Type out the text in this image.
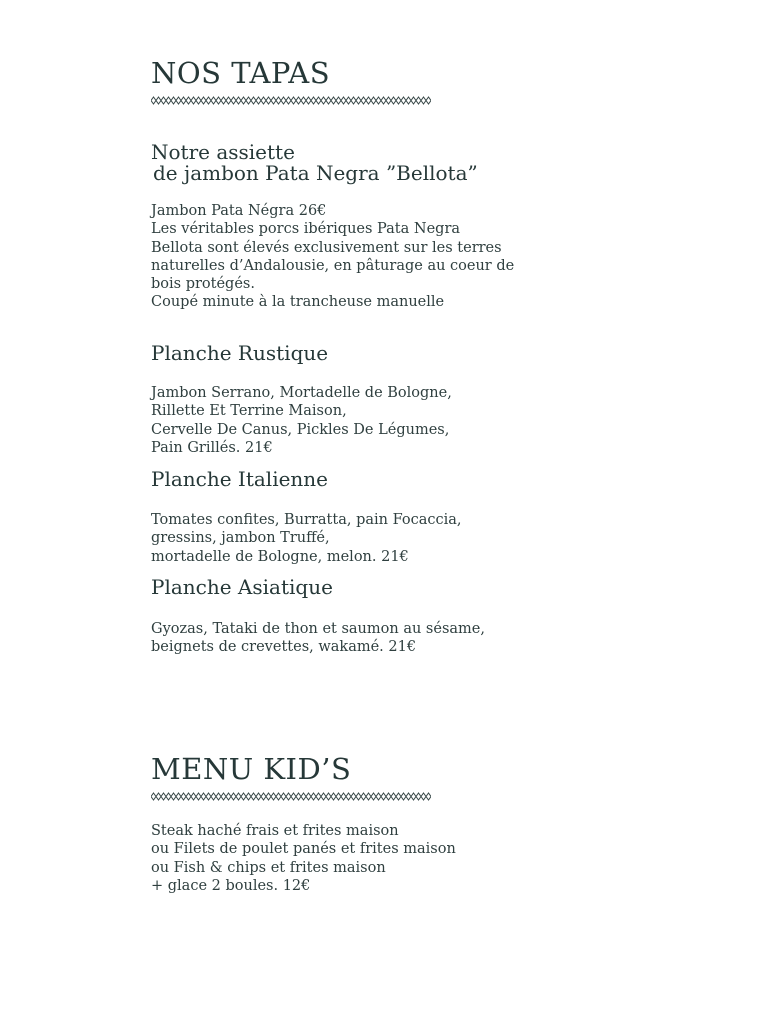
NOS TAPAS
Notre assiette
de jambon Pata Negra ”Bellota”
Jambon Pata Négra 26€
Les véritables porcs ibériques Pata Negra
Bellota sont élevés exclusivement sur les terres
naturelles d’Andalousie, en pâturage au coeur de
bois protégés.
Coupé minute à la trancheuse manuelle
Planche Rustique
Jambon Serrano, Mortadelle de Bologne,
Rillette Et Terrine Maison,
Cervelle De Canus, Pickles De Légumes,
Pain Grillés. 21€
Planche Italienne
Tomates confites, Burratta, pain Focaccia,
gressins, jambon Truffé,
mortadelle de Bologne, melon. 21€
Planche Asiatique
Gyozas, Tataki de thon et saumon au sésame,
beignets de crevettes, wakamé. 21€
MENU KID’S
Steak haché frais et frites maison
ou Filets de poulet panés et frites maison
ou Fish & chips et frites maison
+ glace 2 boules. 12€
